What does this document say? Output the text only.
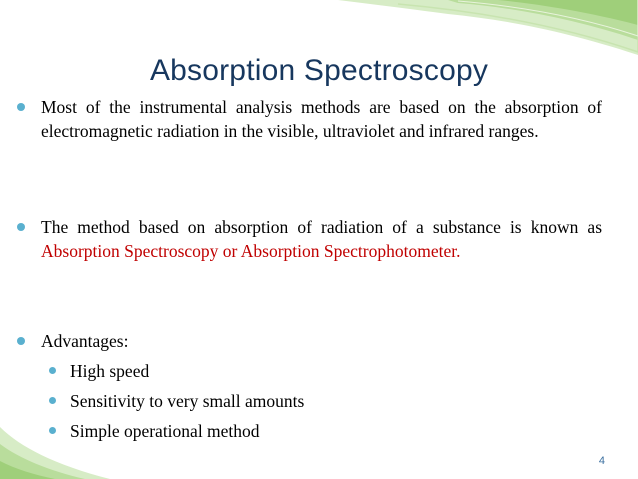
Absorption Spectroscopy
Most of the instrumental analysis methods are based on the absorption of electromagnetic radiation in the visible, ultraviolet and infrared ranges.
The method based on absorption of radiation of a substance is known as Absorption Spectroscopy or Absorption Spectrophotometer.
Advantages:
High speed
Sensitivity to very small amounts
Simple operational method
4
